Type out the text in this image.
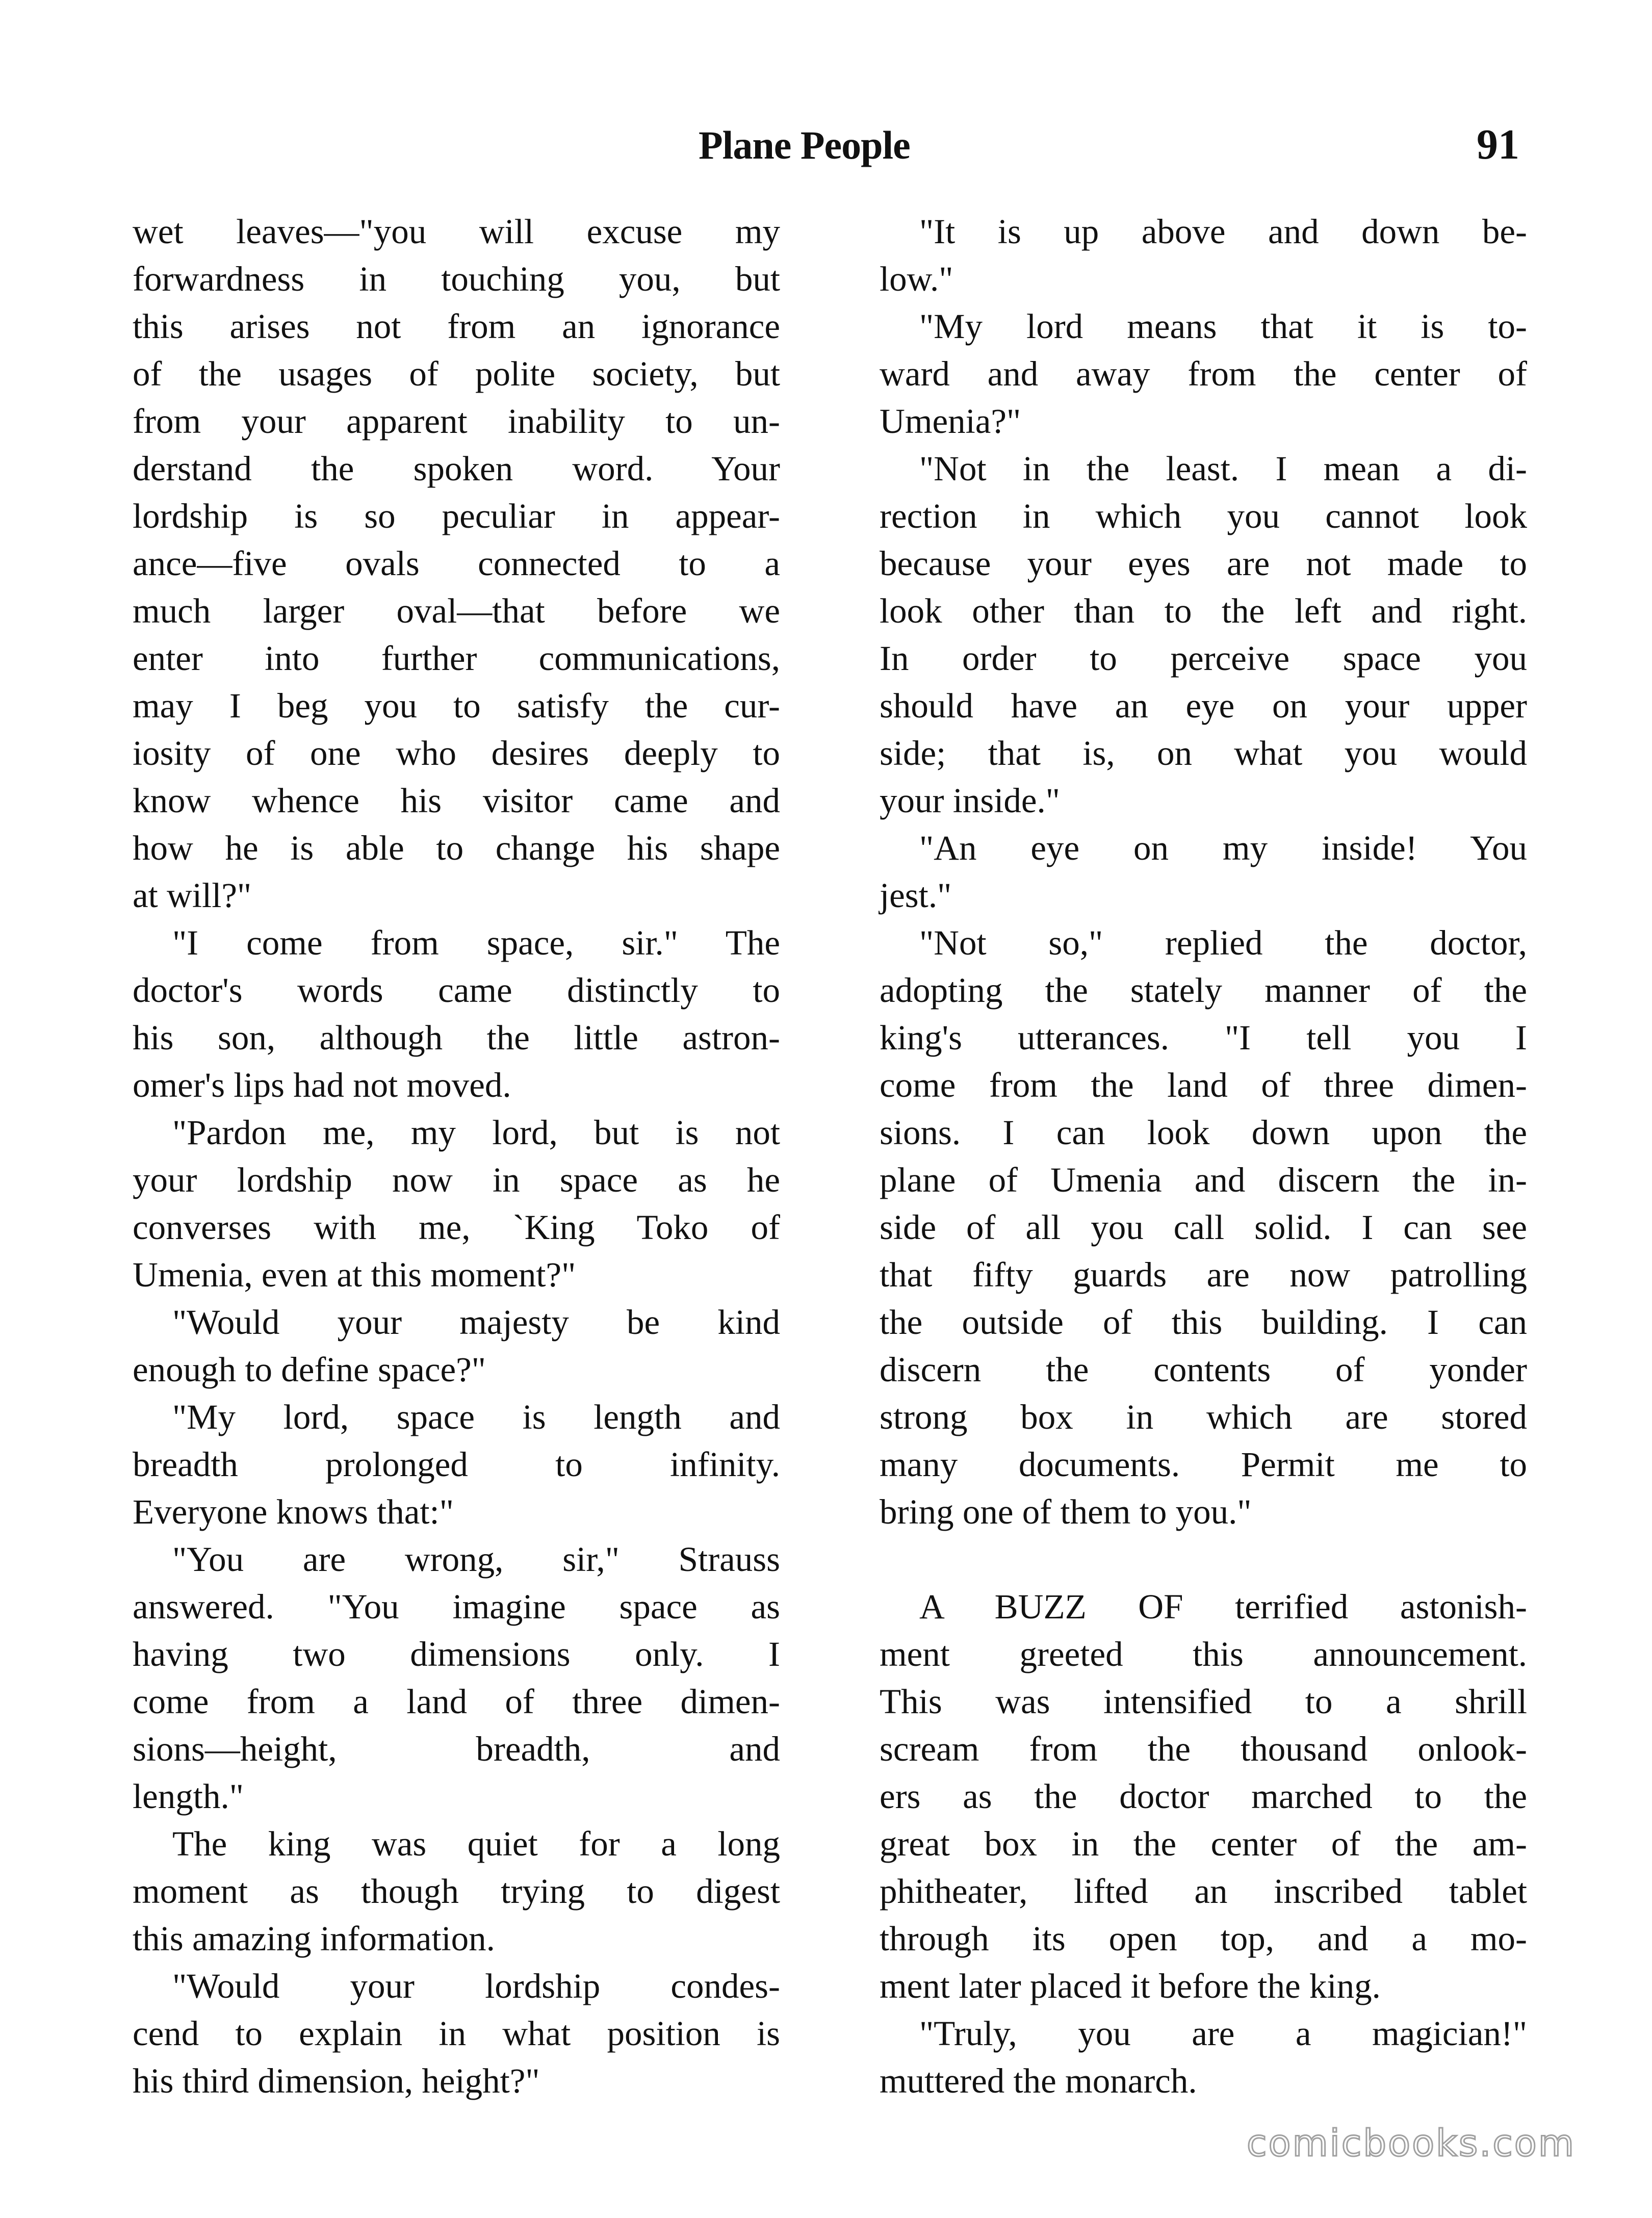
Plane People	91
wet leaves—"you will excuse my
forwardness in touching you, but
this arises not from an ignorance
of the usages of polite society, but
from your apparent inability to un-
derstand the spoken word. Your
lordship is so peculiar in appear-
ance—five ovals connected to a
much larger oval—that before we
enter into further communications,
may I beg you to satisfy the cur-
iosity of one who desires deeply to
know whence his visitor came and
how he is able to change his shape
at will?"
"I come from space, sir." The
doctor's words came distinctly to
his son, although the little astron-
omer's lips had not moved.
"Pardon me, my lord, but is not
your lordship now in space as he
converses with me, `King Toko of
Umenia, even at this moment?"
"Would your majesty be kind
enough to define space?"
"My lord, space is length and
breadth prolonged to infinity.
Everyone knows that:"
"You are wrong, sir," Strauss
answered. "You imagine space as
having two dimensions only. I
come from a land of three dimen-
sions—height, breadth, and
length."
The king was quiet for a long
moment as though trying to digest
this amazing information.
"Would your lordship condes-
cend to explain in what position is
his third dimension, height?"
"It is up above and down be-
low."
"My lord means that it is to-
ward and away from the center of
Umenia?"
"Not in the least. I mean a di-
rection in which you cannot look
because your eyes are not made to
look other than to the left and right.
In order to perceive space you
should have an eye on your upper
side; that is, on what you would
your inside."
"An eye on my inside! You
jest."
"Not so," replied the doctor,
adopting the stately manner of the
king's utterances. "I tell you I
come from the land of three dimen-
sions. I can look down upon the
plane of Umenia and discern the in-
side of all you call solid. I can see
that fifty guards are now patrolling
the outside of this building. I can
discern the contents of yonder
strong box in which are stored
many documents. Permit me to
bring one of them to you."
A BUZZ OF terrified astonish-
ment greeted this announcement.
This was intensified to a shrill
scream from the thousand onlook-
ers as the doctor marched to the
great box in the center of the am-
phitheater, lifted an inscribed tablet
through its open top, and a mo-
ment later placed it before the king.
"Truly, you are a magician!"
muttered the monarch.
comicbooks.com
